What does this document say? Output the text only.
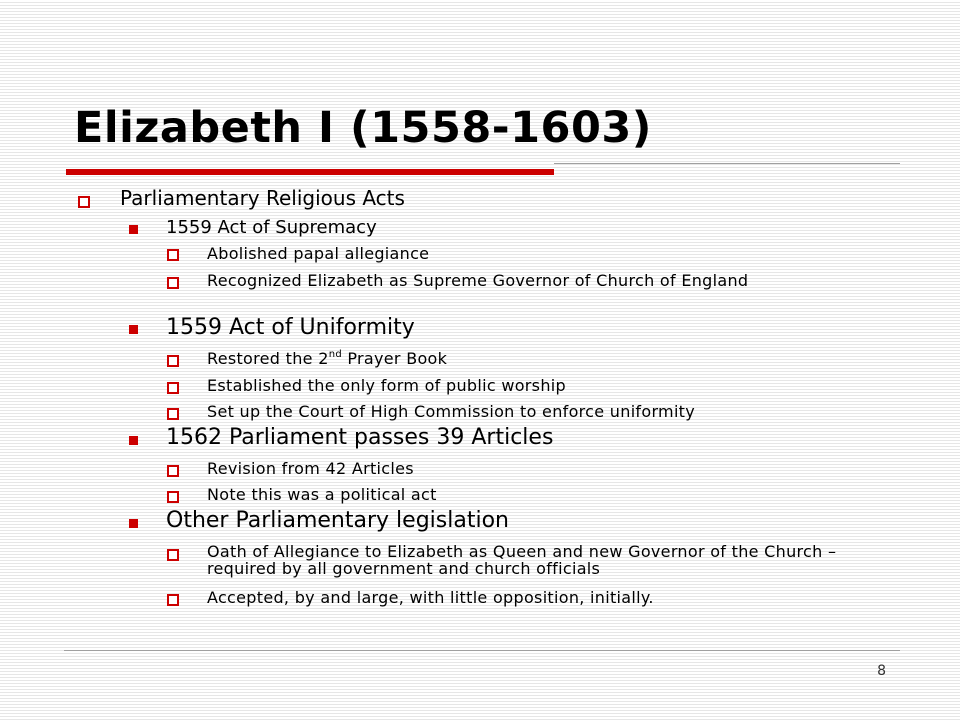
Elizabeth I (1558-1603)
Parliamentary Religious Acts
1559 Act of Supremacy
Abolished papal allegiance
Recognized Elizabeth as Supreme Governor of Church of England
1559 Act of Uniformity
Restored the 2nd Prayer Book
Established the only form of public worship
Set up the Court of High Commission to enforce uniformity
1562 Parliament passes 39 Articles
Revision from 42 Articles
Note this was a political act
Other Parliamentary legislation
Oath of Allegiance to Elizabeth as Queen and new Governor of the Church – required by all government and church officials
Accepted, by and large, with little opposition, initially.
8
